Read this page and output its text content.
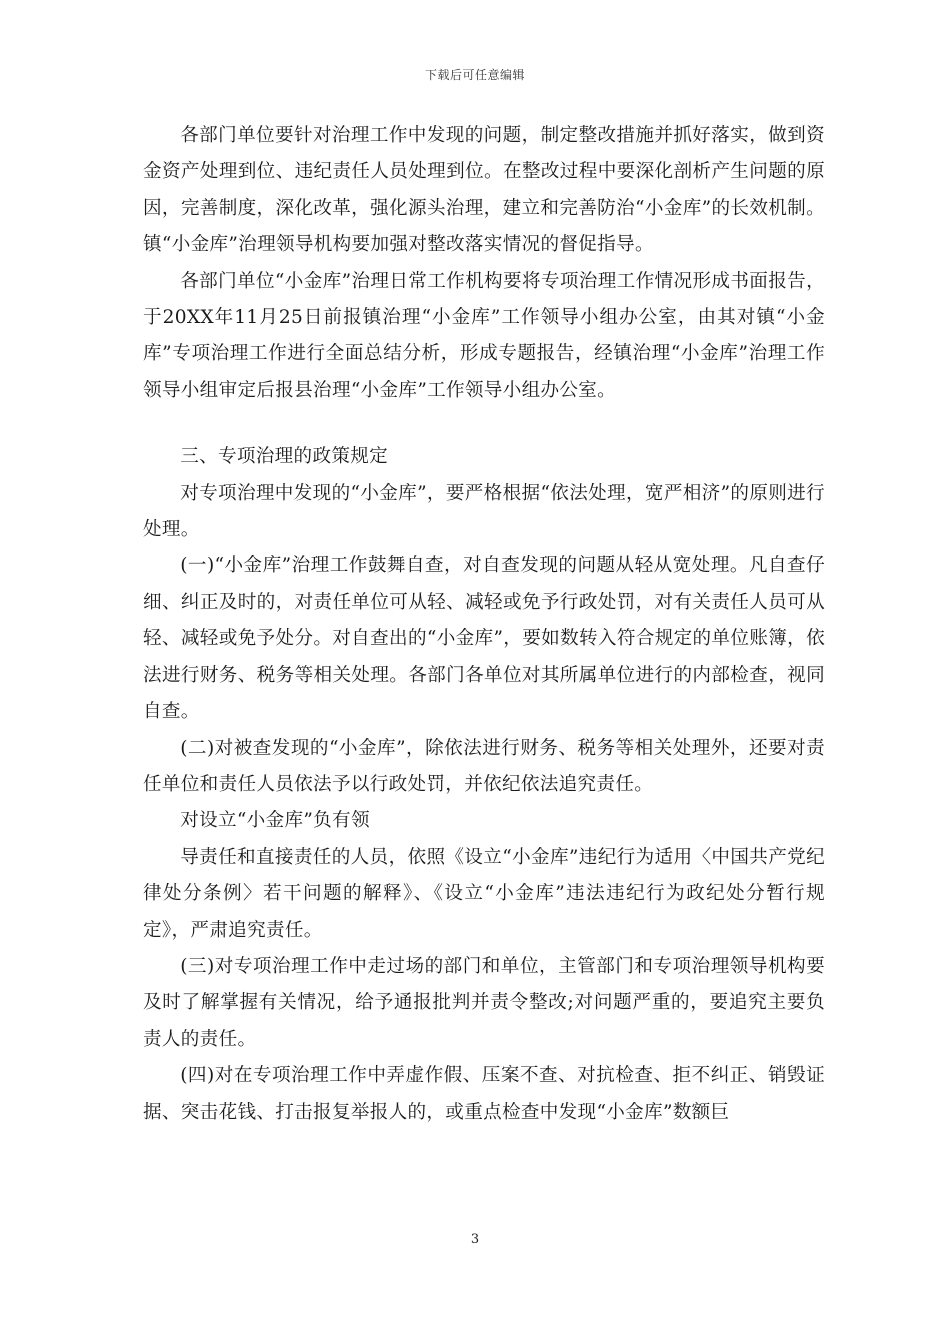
下载后可任意编辑

各部门单位要针对治理工作中发现的问题，制定整改措施并抓好落实，做到资金资产处理到位、违纪责任人员处理到位。在整改过程中要深化剖析产生问题的原因，完善制度，深化改革，强化源头治理，建立和完善防治“小金库”的长效机制。镇“小金库”治理领导机构要加强对整改落实情况的督促指导。

各部门单位“小金库”治理日常工作机构要将专项治理工作情况形成书面报告，于20XX年11月25日前报镇治理“小金库”工作领导小组办公室，由其对镇“小金库”专项治理工作进行全面总结分析，形成专题报告，经镇治理“小金库”治理工作领导小组审定后报县治理“小金库”工作领导小组办公室。

三、专项治理的政策规定

对专项治理中发现的“小金库”，要严格根据“依法处理，宽严相济”的原则进行处理。

(一)“小金库”治理工作鼓舞自查，对自查发现的问题从轻从宽处理。凡自查仔细、纠正及时的，对责任单位可从轻、减轻或免予行政处罚，对有关责任人员可从轻、减轻或免予处分。对自查出的“小金库”，要如数转入符合规定的单位账簿，依法进行财务、税务等相关处理。各部门各单位对其所属单位进行的内部检查，视同自查。

(二)对被查发现的“小金库”，除依法进行财务、税务等相关处理外，还要对责任单位和责任人员依法予以行政处罚，并依纪依法追究责任。

对设立“小金库”负有领

导责任和直接责任的人员，依照《设立“小金库”违纪行为适用〈中国共产党纪律处分条例〉若干问题的解释》、《设立“小金库”违法违纪行为政纪处分暂行规定》，严肃追究责任。

(三)对专项治理工作中走过场的部门和单位，主管部门和专项治理领导机构要及时了解掌握有关情况，给予通报批判并责令整改;对问题严重的，要追究主要负责人的责任。

(四)对在专项治理工作中弄虚作假、压案不查、对抗检查、拒不纠正、销毁证据、突击花钱、打击报复举报人的，或重点检查中发现“小金库”数额巨

3
